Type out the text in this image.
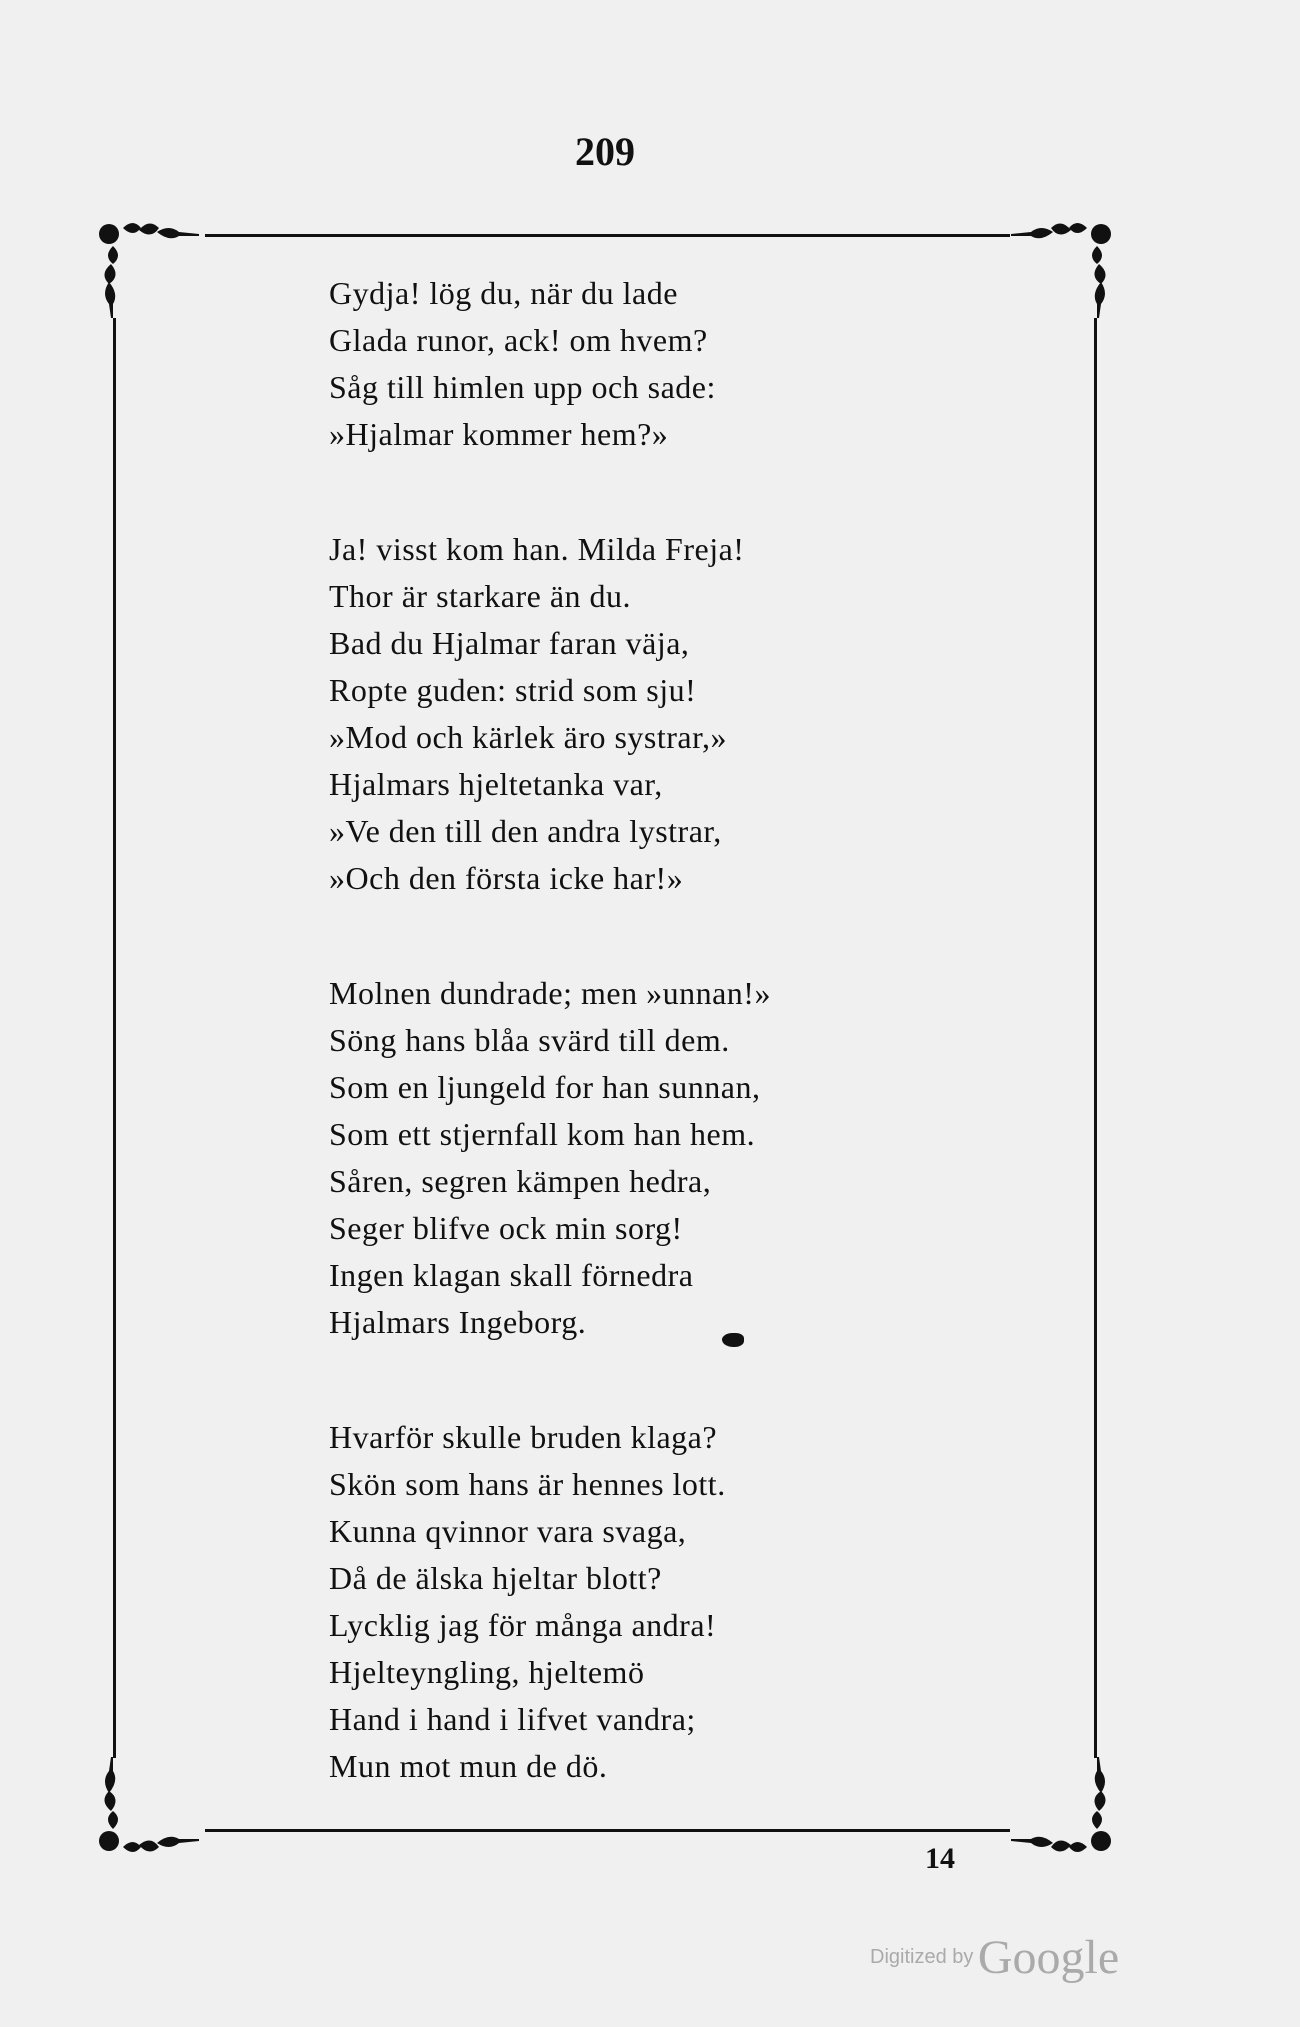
209
Gydja! lög du, när du lade
Glada runor, ack! om hvem?
Såg till himlen upp och sade:
»Hjalmar kommer hem?»
Ja! visst kom han. Milda Freja!
Thor är starkare än du.
Bad du Hjalmar faran väja,
Ropte guden: strid som sju!
»Mod och kärlek äro systrar,»
Hjalmars hjeltetanka var,
»Ve den till den andra lystrar,
»Och den första icke har!»
Molnen dundrade; men »unnan!»
Söng hans blåa svärd till dem.
Som en ljungeld for han sunnan,
Som ett stjernfall kom han hem.
Såren, segren kämpen hedra,
Seger blifve ock min sorg!
Ingen klagan skall förnedra
Hjalmars Ingeborg.
Hvarför skulle bruden klaga?
Skön som hans är hennes lott.
Kunna qvinnor vara svaga,
Då de älska hjeltar blott?
Lycklig jag för många andra!
Hjelteyngling, hjeltemö
Hand i hand i lifvet vandra;
Mun mot mun de dö.
14
Digitized by Google
